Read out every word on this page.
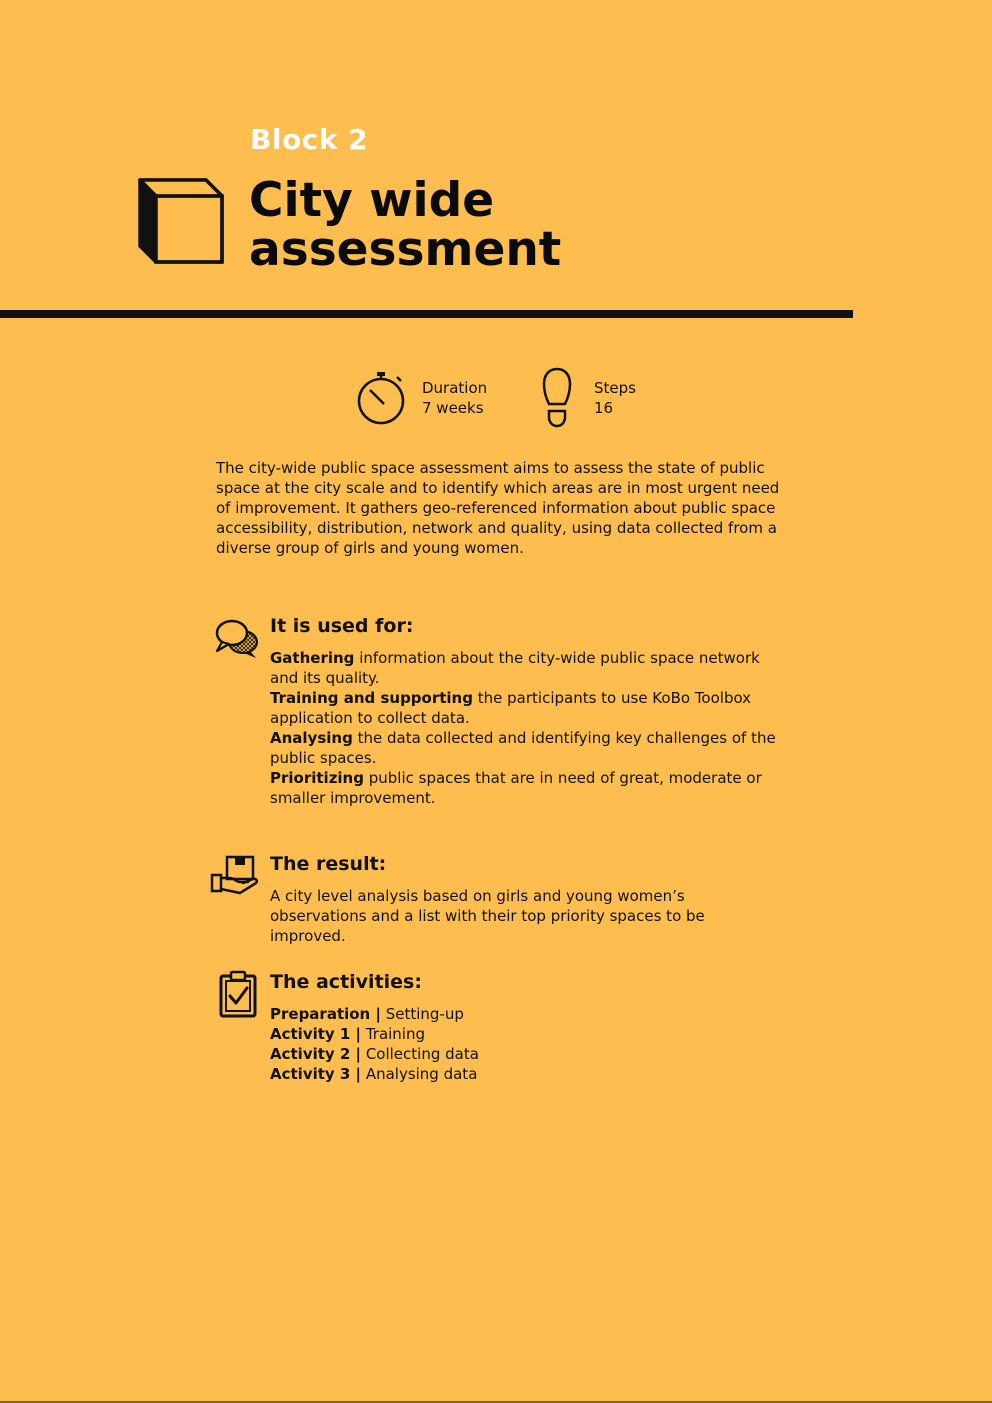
Block 2
City wide
assessment
Duration
7 weeks
Steps
16

The city-wide public space assessment aims to assess the state of public space at the city scale and to identify which areas are in most urgent need of improvement. It gathers geo-referenced information about public space accessibility, distribution, network and quality, using data collected from a diverse group of girls and young women.

It is used for:

Gathering information about the city-wide public space network and its quality.

Training and supporting the participants to use KoBo Toolbox application to collect data.

Analysing the data collected and identifying key challenges of the public spaces.

Prioritizing public spaces that are in need of great, moderate or smaller improvement.

The result:
A city level analysis based on girls and young women’s observations and a list with their top priority spaces to be improved.
The activities:

Preparation | Setting-up

Activity 1 | Training

Activity 2 | Collecting data

Activity 3 | Analysing data
